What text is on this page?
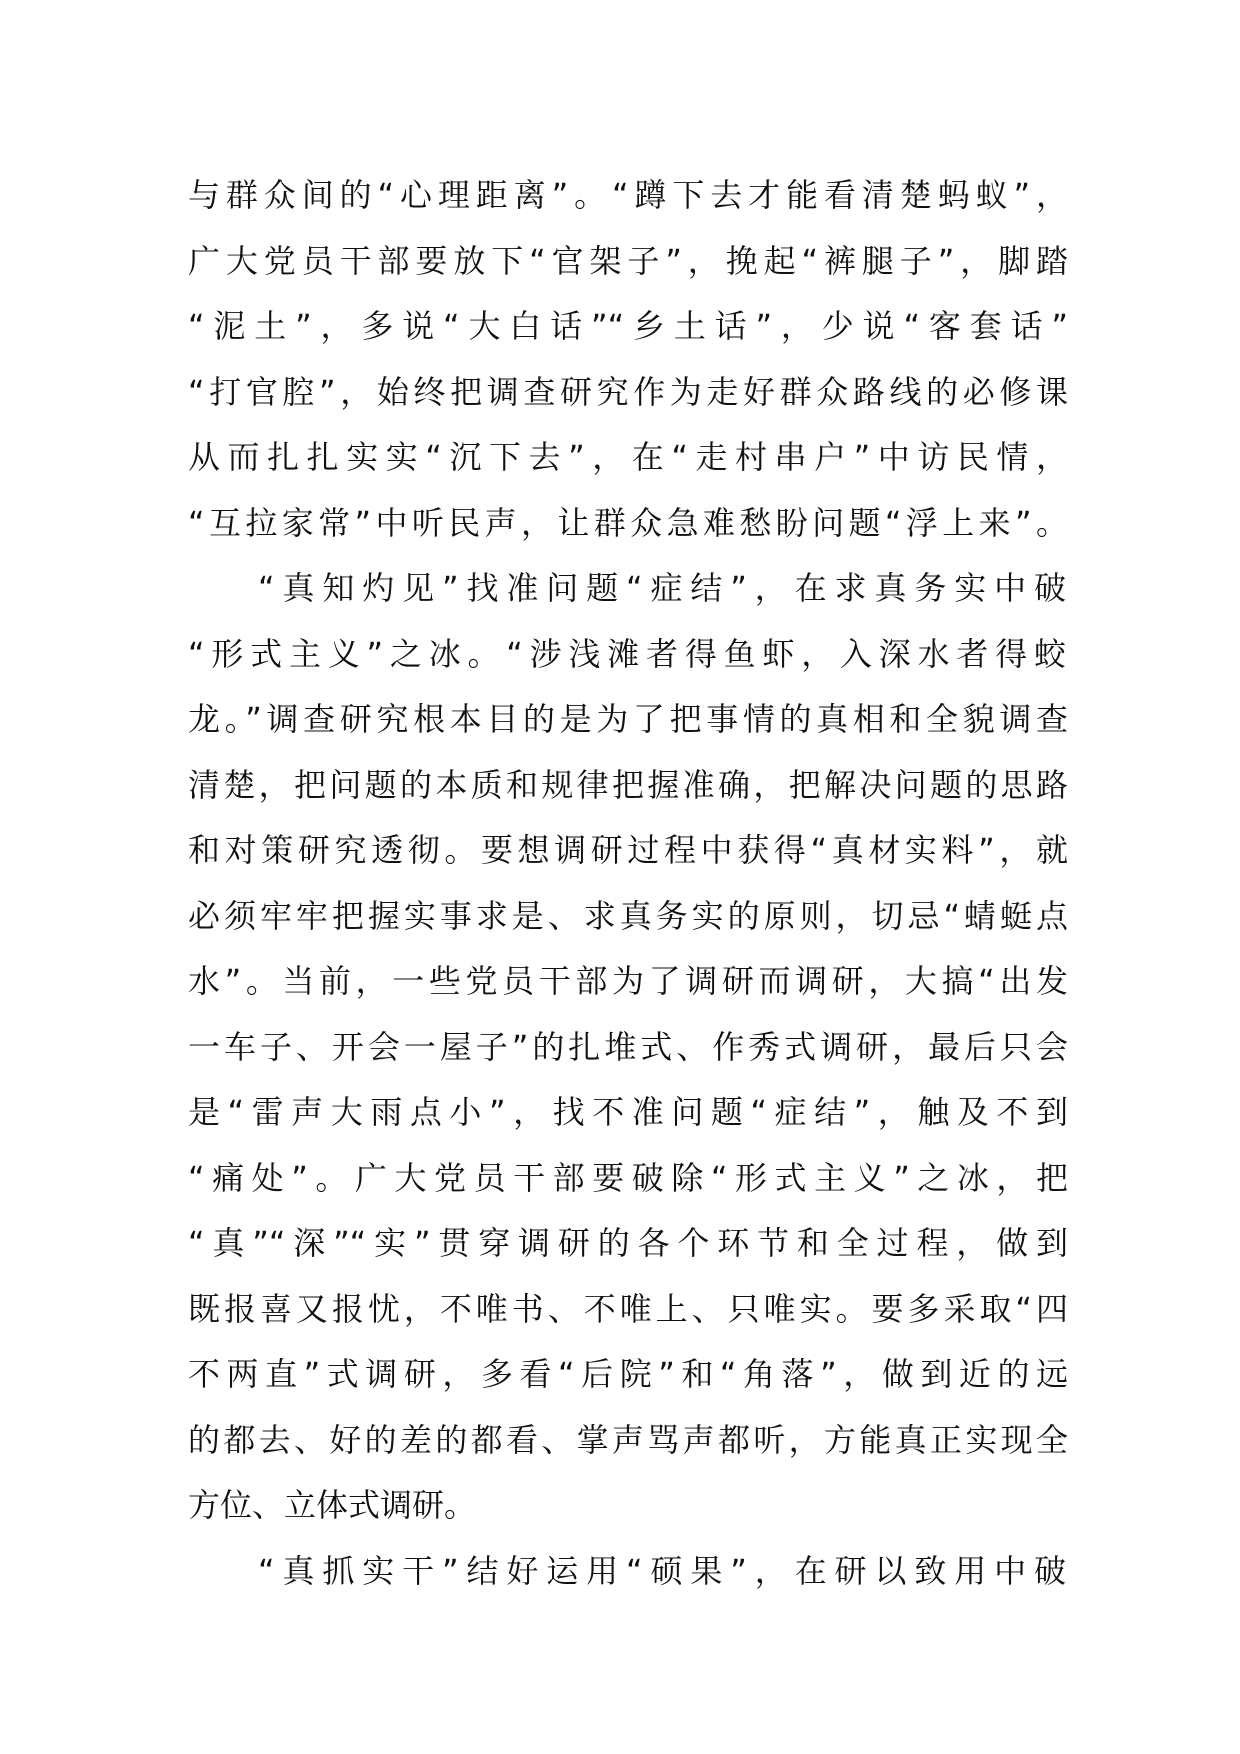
与群众间的“心理距离”。“蹲下去才能看清楚蚂蚁”，
广大党员干部要放下“官架子”，挽起“裤腿子”，脚踏
“泥土”，多说“大白话”“乡土话”，少说“客套话”
“打官腔”，始终把调查研究作为走好群众路线的必修课
从而扎扎实实“沉下去”，在“走村串户”中访民情，
“互拉家常”中听民声，让群众急难愁盼问题“浮上来”。
“真知灼见”找准问题“症结”，在求真务实中破
“形式主义”之冰。“涉浅滩者得鱼虾，入深水者得蛟
龙。”调查研究根本目的是为了把事情的真相和全貌调查
清楚，把问题的本质和规律把握准确，把解决问题的思路
和对策研究透彻。要想调研过程中获得“真材实料”，就
必须牢牢把握实事求是、求真务实的原则，切忌“蜻蜓点
水”。当前，一些党员干部为了调研而调研，大搞“出发
一车子、开会一屋子”的扎堆式、作秀式调研，最后只会
是“雷声大雨点小”，找不准问题“症结”，触及不到
“痛处”。广大党员干部要破除“形式主义”之冰，把
“真”“深”“实”贯穿调研的各个环节和全过程，做到
既报喜又报忧，不唯书、不唯上、只唯实。要多采取“四
不两直”式调研，多看“后院”和“角落”，做到近的远
的都去、好的差的都看、掌声骂声都听，方能真正实现全
方位、立体式调研。
“真抓实干”结好运用“硕果”，在研以致用中破
